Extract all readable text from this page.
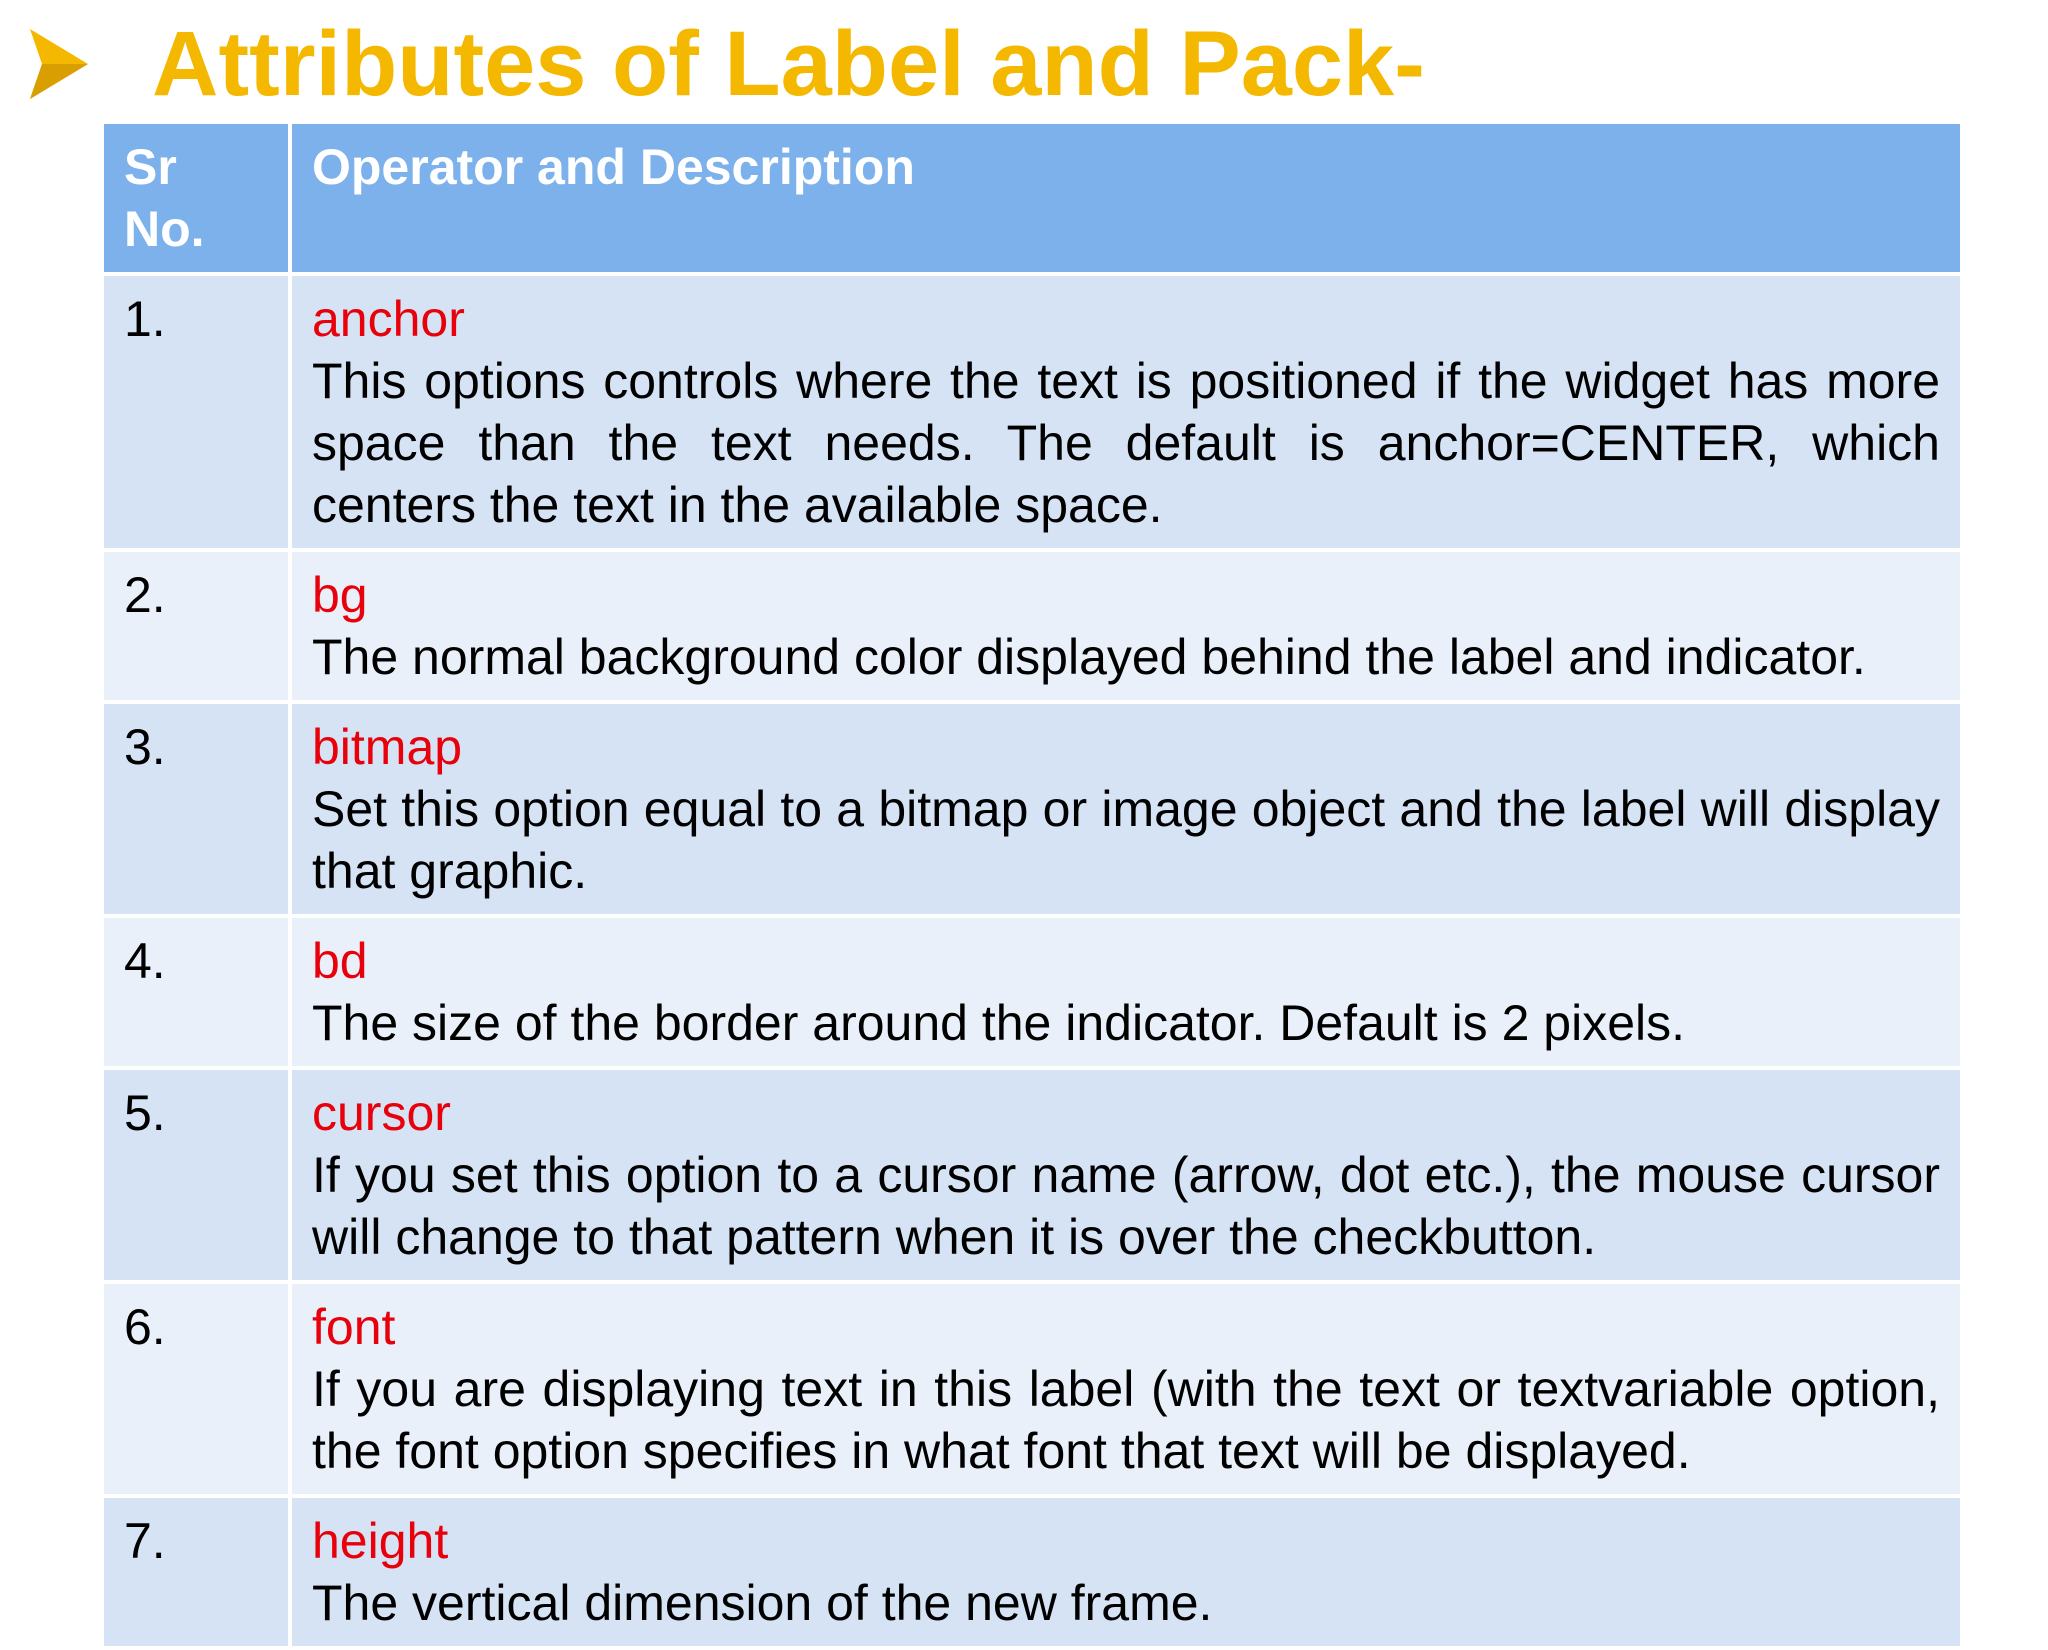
Attributes of Label and Pack-
Sr No.	Operator and Description
1.	anchor
This options controls where the text is positioned if the widget has more space than the text needs. The default is anchor=CENTER, which centers the text in the available space.

2.	bg
The normal background color displayed behind the label and indicator.

3.	bitmap
Set this option equal to a bitmap or image object and the label will display that graphic.

4.	bd
The size of the border around the indicator. Default is 2 pixels.

5.	cursor
If you set this option to a cursor name (arrow, dot etc.), the mouse cursor will change to that pattern when it is over the checkbutton.

6.	font
If you are displaying text in this label (with the text or textvariable option, the font option specifies in what font that text will be displayed.

7.	height
The vertical dimension of the new frame.
